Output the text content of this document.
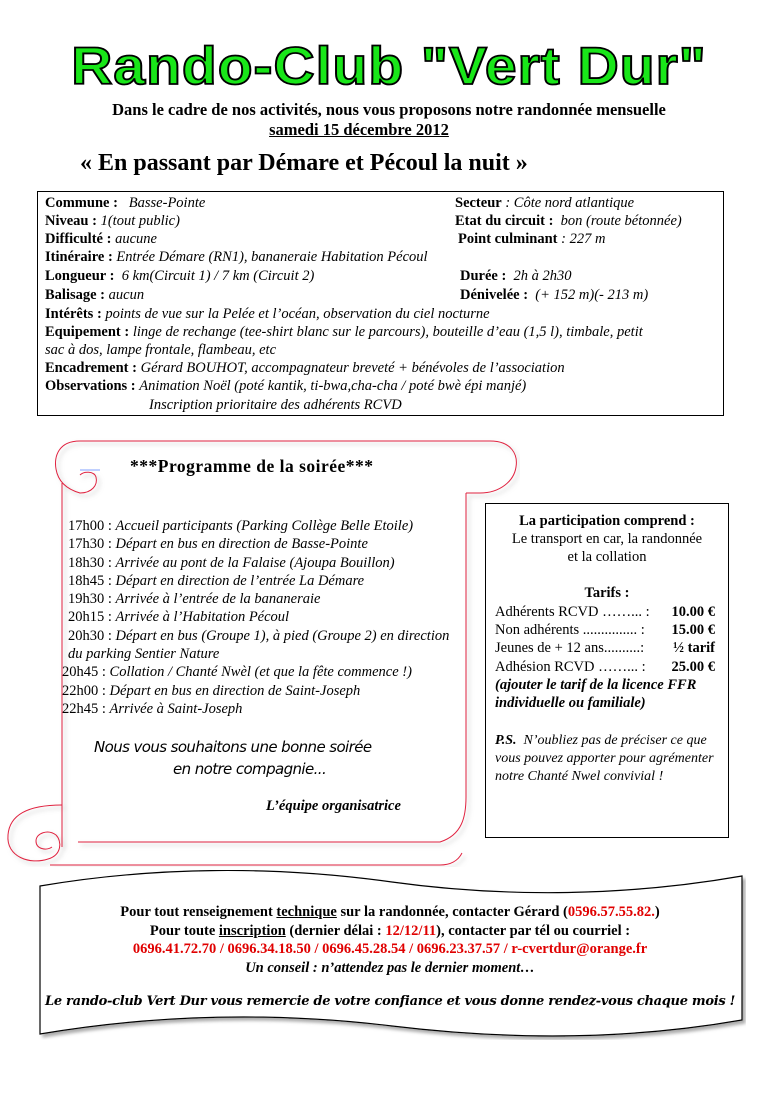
Rando-Club "Vert Dur"
Dans le cadre de nos activités, nous vous proposons notre randonnée mensuelle
samedi 15 décembre 2012
« En passant par Démare et Pécoul la nuit »
Commune : Basse-Pointe	Secteur : Côte nord atlantique
Niveau : 1(tout public)	Etat du circuit : bon (route bétonnée)
Difficulté : aucune	Point culminant : 227 m
Itinéraire : Entrée Démare (RN1), bananeraie Habitation Pécoul
Longueur : 6 km(Circuit 1) / 7 km (Circuit 2)	Durée : 2h à 2h30
Balisage : aucun	Dénivelée : (+ 152 m)(- 213 m)
Intérêts : points de vue sur la Pelée et l’océan, observation du ciel nocturne
Equipement : linge de rechange (tee-shirt blanc sur le parcours), bouteille d’eau (1,5 l), timbale, petit
sac à dos, lampe frontale, flambeau, etc
Encadrement : Gérard BOUHOT, accompagnateur breveté + bénévoles de l’association
Observations : Animation Noël (poté kantik, ti-bwa,cha-cha / poté bwè épi manjé)
Inscription prioritaire des adhérents RCVD
***Programme de la soirée***
17h00 : Accueil participants (Parking Collège Belle Etoile)
17h30 : Départ en bus en direction de Basse-Pointe
18h30 : Arrivée au pont de la Falaise (Ajoupa Bouillon)
18h45 : Départ en direction de l’entrée La Démare
19h30 : Arrivée à l’entrée de la bananeraie
20h15 : Arrivée à l’Habitation Pécoul
20h30 : Départ en bus (Groupe 1), à pied (Groupe 2) en direction du parking Sentier Nature
20h45 : Collation / Chanté Nwèl (et que la fête commence !)
22h00 : Départ en bus en direction de Saint-Joseph
22h45 : Arrivée à Saint-Joseph
Nous vous souhaitons une bonne soirée
en notre compagnie...
L’équipe organisatrice
La participation comprend :
Le transport en car, la randonnée
et la collation
Tarifs :
Adhérents RCVD ……... : 10.00 €
Non adhérents ............... : 15.00 €
Jeunes de + 12 ans..........: ½ tarif
Adhésion RCVD ……... : 25.00 €
(ajouter le tarif de la licence FFR individuelle ou familiale)
P.S. N’oubliez pas de préciser ce que vous pouvez apporter pour agrémenter notre Chanté Nwel convivial !
Pour tout renseignement technique sur la randonnée, contacter Gérard (0596.57.55.82.)
Pour toute inscription (dernier délai : 12/12/11), contacter par tél ou courriel :
0696.41.72.70 / 0696.34.18.50 / 0696.45.28.54 / 0696.23.37.57 / r-cvertdur@orange.fr
Un conseil : n’attendez pas le dernier moment…
Le rando-club Vert Dur vous remercie de votre confiance et vous donne rendez-vous chaque mois !
